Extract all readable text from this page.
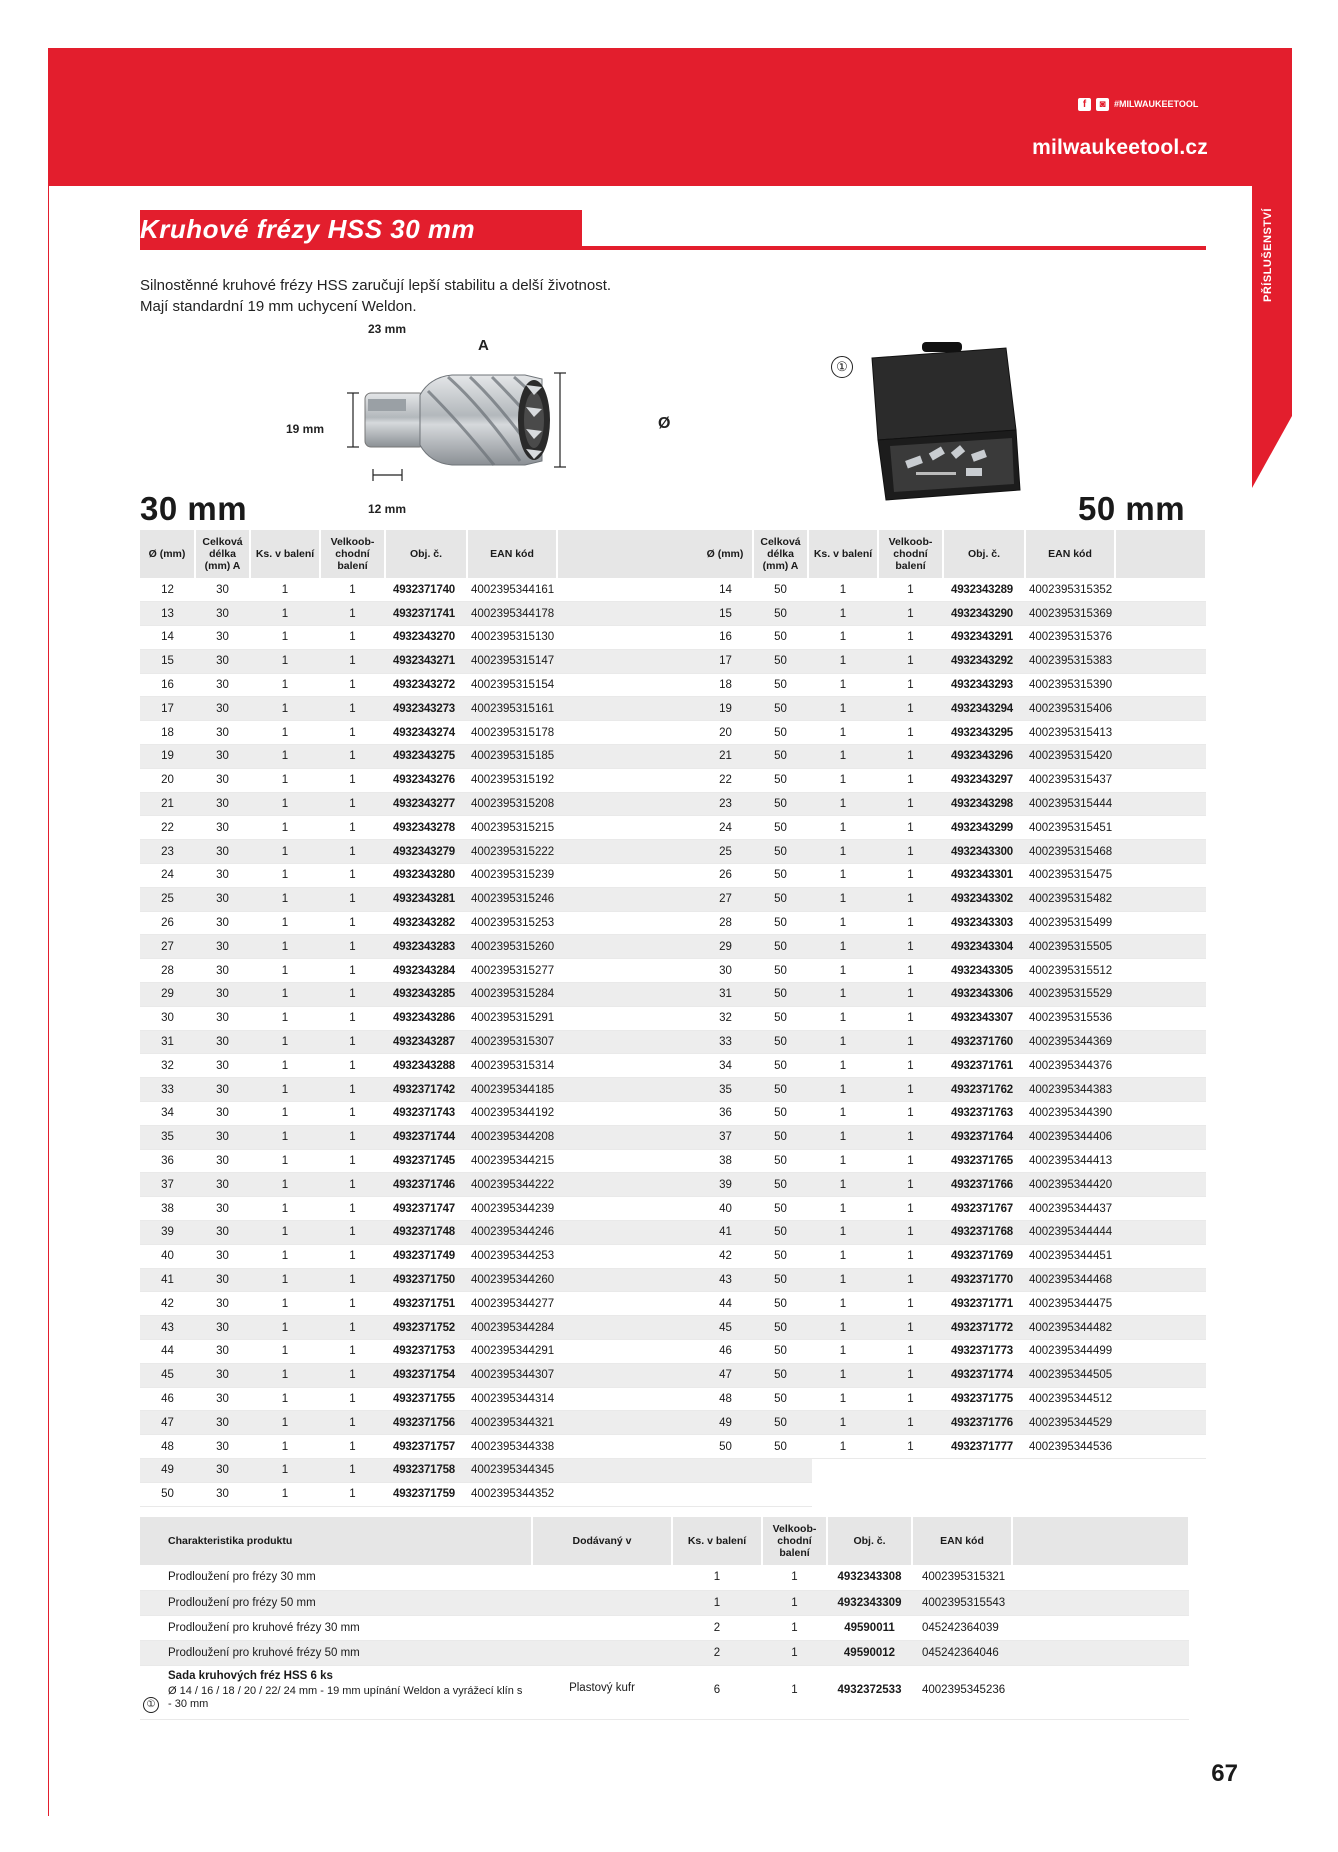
PŘÍSLUŠENSTVÍ
f	◙ #MILWAUKEETOOL
milwaukeetool.cz
Kruhové frézy HSS 30 mm
Silnostěnné kruhové frézy HSS zaručují lepší stabilitu a delší životnost.
Mají standardní 19 mm uchycení Weldon.
23 mm
A
19 mm	Ø
12 mm
①
30 mm	50 mm
Ø (mm)	Celková délka (mm) A	Ks. v balení	Velkoob-chodní balení	Obj. č.	EAN kód	
12	30	1	1	4932371740	4002395344161	
13	30	1	1	4932371741	4002395344178	
14	30	1	1	4932343270	4002395315130	
15	30	1	1	4932343271	4002395315147	
16	30	1	1	4932343272	4002395315154	
17	30	1	1	4932343273	4002395315161	
18	30	1	1	4932343274	4002395315178	
19	30	1	1	4932343275	4002395315185	
20	30	1	1	4932343276	4002395315192	
21	30	1	1	4932343277	4002395315208	
22	30	1	1	4932343278	4002395315215	
23	30	1	1	4932343279	4002395315222	
24	30	1	1	4932343280	4002395315239	
25	30	1	1	4932343281	4002395315246	
26	30	1	1	4932343282	4002395315253	
27	30	1	1	4932343283	4002395315260	
28	30	1	1	4932343284	4002395315277	
29	30	1	1	4932343285	4002395315284	
30	30	1	1	4932343286	4002395315291	
31	30	1	1	4932343287	4002395315307	
32	30	1	1	4932343288	4002395315314	
33	30	1	1	4932371742	4002395344185	
34	30	1	1	4932371743	4002395344192	
35	30	1	1	4932371744	4002395344208	
36	30	1	1	4932371745	4002395344215	
37	30	1	1	4932371746	4002395344222	
38	30	1	1	4932371747	4002395344239	
39	30	1	1	4932371748	4002395344246	
40	30	1	1	4932371749	4002395344253	
41	30	1	1	4932371750	4002395344260	
42	30	1	1	4932371751	4002395344277	
43	30	1	1	4932371752	4002395344284	
44	30	1	1	4932371753	4002395344291	
45	30	1	1	4932371754	4002395344307	
46	30	1	1	4932371755	4002395344314	
47	30	1	1	4932371756	4002395344321	
48	30	1	1	4932371757	4002395344338	
49	30	1	1	4932371758	4002395344345	
50	30	1	1	4932371759	4002395344352	
Ø (mm)	Celková délka (mm) A	Ks. v balení	Velkoob-chodní balení	Obj. č.	EAN kód	
14	50	1	1	4932343289	4002395315352	
15	50	1	1	4932343290	4002395315369	
16	50	1	1	4932343291	4002395315376	
17	50	1	1	4932343292	4002395315383	
18	50	1	1	4932343293	4002395315390	
19	50	1	1	4932343294	4002395315406	
20	50	1	1	4932343295	4002395315413	
21	50	1	1	4932343296	4002395315420	
22	50	1	1	4932343297	4002395315437	
23	50	1	1	4932343298	4002395315444	
24	50	1	1	4932343299	4002395315451	
25	50	1	1	4932343300	4002395315468	
26	50	1	1	4932343301	4002395315475	
27	50	1	1	4932343302	4002395315482	
28	50	1	1	4932343303	4002395315499	
29	50	1	1	4932343304	4002395315505	
30	50	1	1	4932343305	4002395315512	
31	50	1	1	4932343306	4002395315529	
32	50	1	1	4932343307	4002395315536	
33	50	1	1	4932371760	4002395344369	
34	50	1	1	4932371761	4002395344376	
35	50	1	1	4932371762	4002395344383	
36	50	1	1	4932371763	4002395344390	
37	50	1	1	4932371764	4002395344406	
38	50	1	1	4932371765	4002395344413	
39	50	1	1	4932371766	4002395344420	
40	50	1	1	4932371767	4002395344437	
41	50	1	1	4932371768	4002395344444	
42	50	1	1	4932371769	4002395344451	
43	50	1	1	4932371770	4002395344468	
44	50	1	1	4932371771	4002395344475	
45	50	1	1	4932371772	4002395344482	
46	50	1	1	4932371773	4002395344499	
47	50	1	1	4932371774	4002395344505	
48	50	1	1	4932371775	4002395344512	
49	50	1	1	4932371776	4002395344529	
50	50	1	1	4932371777	4002395344536	
Charakteristika produktu	Dodávaný v	Ks. v balení	Velkoob-chodní balení	Obj. č.	EAN kód	
Prodloužení pro frézy 30 mm		1	1	4932343308	4002395315321	
Prodloužení pro frézy 50 mm		1	1	4932343309	4002395315543	
Prodloužení pro kruhové frézy 30 mm		2	1	49590011	045242364039	
Prodloužení pro kruhové frézy 50 mm		2	1	49590012	045242364046	
Sada kruhových fréz HSS 6 ks
Ø 14 / 16 / 18 / 20 / 22/ 24 mm - 19 mm upínání Weldon a vyrážecí klín s - 30 mm	Plastový kufr	6	1	4932372533	4002395345236	
①
67
